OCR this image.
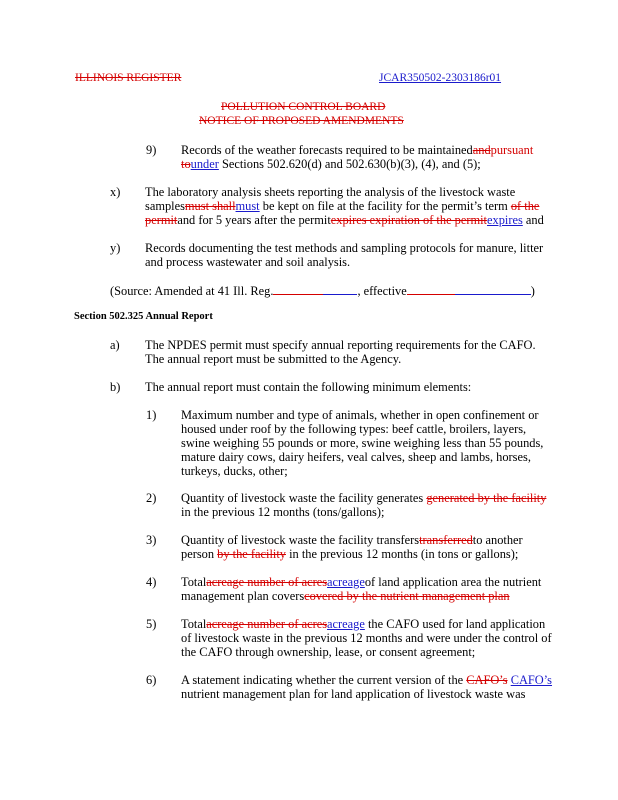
ILLINOIS REGISTER	JCAR350502-2303186r01
POLLUTION CONTROL BOARD
NOTICE OF PROPOSED AMENDMENTS
9) Records of the weather forecasts required to be maintainedandpursuant
tounder Sections 502.620(d) and 502.630(b)(3), (4), and (5);
x) The laboratory analysis sheets reporting the analysis of the livestock waste
samplesmust shallmust be kept on file at the facility for the permit’s term of the
permitand for 5 years after the permitexpires expiration of the permitexpires and
y) Records documenting the test methods and sampling protocols for manure, litter
and process wastewater and soil analysis.
(Source: Amended at 41 Ill. Reg.	, effective	)
Section 502.325 Annual Report
a) The NPDES permit must specify annual reporting requirements for the CAFO.
The annual report must be submitted to the Agency.
b) The annual report must contain the following minimum elements:
1) Maximum number and type of animals, whether in open confinement or
housed under roof by the following types: beef cattle, broilers, layers,
swine weighing 55 pounds or more, swine weighing less than 55 pounds,
mature dairy cows, dairy heifers, veal calves, sheep and lambs, horses,
turkeys, ducks, other;
2) Quantity of livestock waste the facility generates generated by the facility
in the previous 12 months (tons/gallons);
3) Quantity of livestock waste the facility transferstransferredto another
person by the facility in the previous 12 months (in tons or gallons);
4) Totalacreage number of acresacreageof land application area the nutrient
management plan coverscovered by the nutrient management plan
5) Totalacreage number of acresacreage the CAFO used for land application
of livestock waste in the previous 12 months and were under the control of
the CAFO through ownership, lease, or consent agreement;
6) A statement indicating whether the current version of the CAFO’s CAFO’s
nutrient management plan for land application of livestock waste was
